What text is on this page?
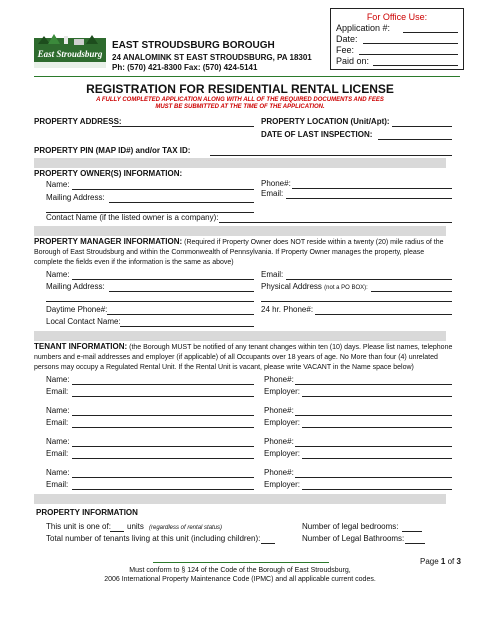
For Office Use:
Application #:
Date:
Fee:
Paid on:
East Stroudsburg
EAST STROUDSBURG BOROUGH
24 ANALOMINK ST EAST STROUDSBURG, PA 18301
Ph: (570) 421-8300 Fax: (570) 424-5141
REGISTRATION FOR RESIDENTIAL RENTAL LICENSE
A FULLY COMPLETED APPLICATION ALONG WITH ALL OF THE REQUIRED DOCUMENTS AND FEES
MUST BE SUBMITTED AT THE TIME OF THE APPLICATION.
PROPERTY ADDRESS:	PROPERTY LOCATION (Unit/Apt):
DATE OF LAST INSPECTION:
PROPERTY PIN (MAP ID#) and/or TAX ID:
PROPERTY OWNER(S) INFORMATION:
Name:	Phone#:
Email:
Mailing Address:
Contact Name (if the listed owner is a company):
PROPERTY MANAGER INFORMATION: (Required if Property Owner does NOT reside within a twenty (20) mile radius of the Borough of East Stroudsburg and within the Commonwealth of Pennsylvania. If Property Owner manages the property, please complete the fields even if the information is the same as above)
Name:	Email:
Mailing Address:	Physical Address (not a PO BOX):
Daytime Phone#:	24 hr. Phone#:
Local Contact Name:
TENANT INFORMATION: (the Borough MUST be notified of any tenant changes within ten (10) days. Please list names, telephone numbers and e-mail addresses and employer (if applicable) of all Occupants over 18 years of age. No More than four (4) unrelated persons may occupy a Regulated Rental Unit. If the Rental Unit is vacant, please write VACANT in the Name space below)
Name:	Phone#:
Email:	Employer:
Name:	Phone#:
Email:	Employer:
Name:	Phone#:
Email:	Employer:
Name:	Phone#:
Email:	Employer:
PROPERTY INFORMATION
This unit is one of: units (regardless of rental status)
Total number of tenants living at this unit (including children):
Number of legal bedrooms:
Number of Legal Bathrooms:
Page 1 of 3
Must conform to § 124 of the Code of the Borough of East Stroudsburg,
2006 International Property Maintenance Code (IPMC) and all applicable current codes.
